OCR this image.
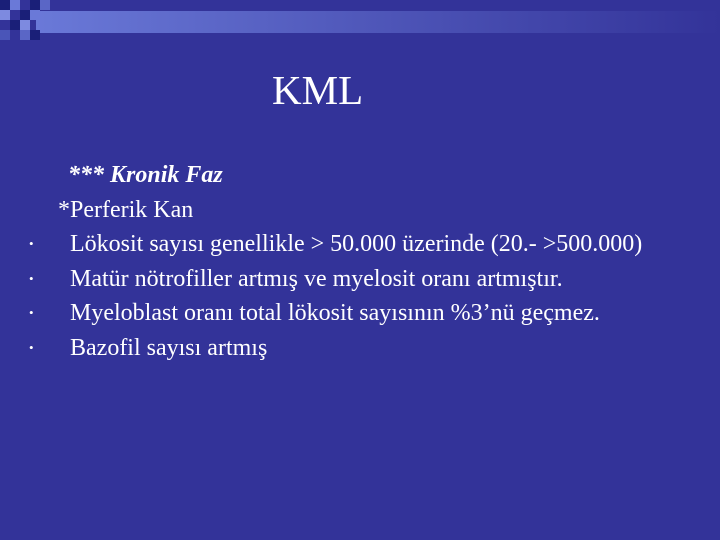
KML
*** Kronik Faz
*Perferik Kan
• Lökosit sayısı genellikle > 50.000 üzerinde (20.- >500.000)
• Matür nötrofiller artmış ve myelosit oranı artmıştır.
• Myeloblast oranı total lökosit sayısının %3’nü geçmez.
• Bazofil sayısı artmış
